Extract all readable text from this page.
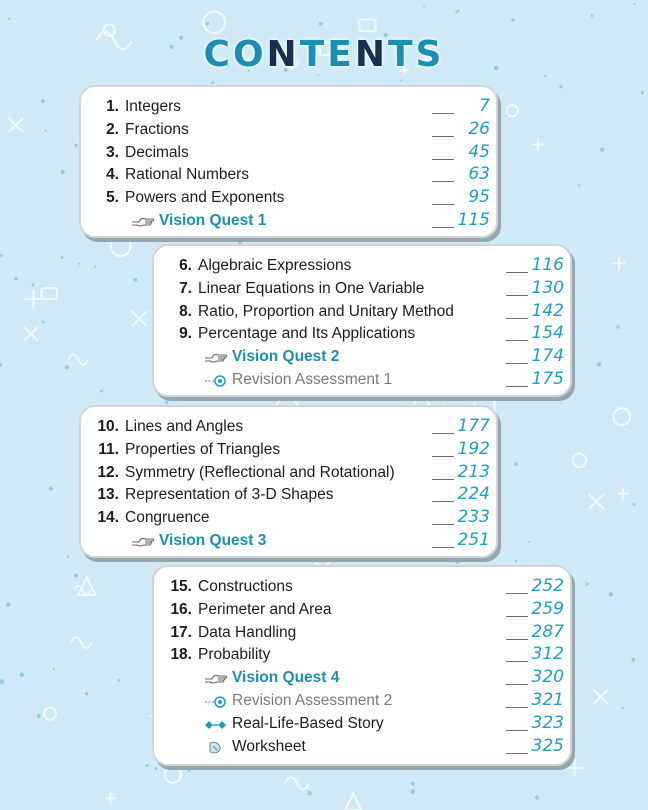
CONTENTS
1. Integers	7
2. Fractions	26
3. Decimals	45
4. Rational Numbers	63
5. Powers and Exponents	95
Vision Quest 1	115
6. Algebraic Expressions	116
7. Linear Equations in One Variable	130
8. Ratio, Proportion and Unitary Method	142
9. Percentage and Its Applications	154
Vision Quest 2	174
Revision Assessment 1	175
10. Lines and Angles	177
11. Properties of Triangles	192
12. Symmetry (Reflectional and Rotational)	213
13. Representation of 3-D Shapes	224
14. Congruence	233
Vision Quest 3	251
15. Constructions	252
16. Perimeter and Area	259
17. Data Handling	287
18. Probability	312
Vision Quest 4	320
Revision Assessment 2	321
Real-Life-Based Story	323
Worksheet	325
